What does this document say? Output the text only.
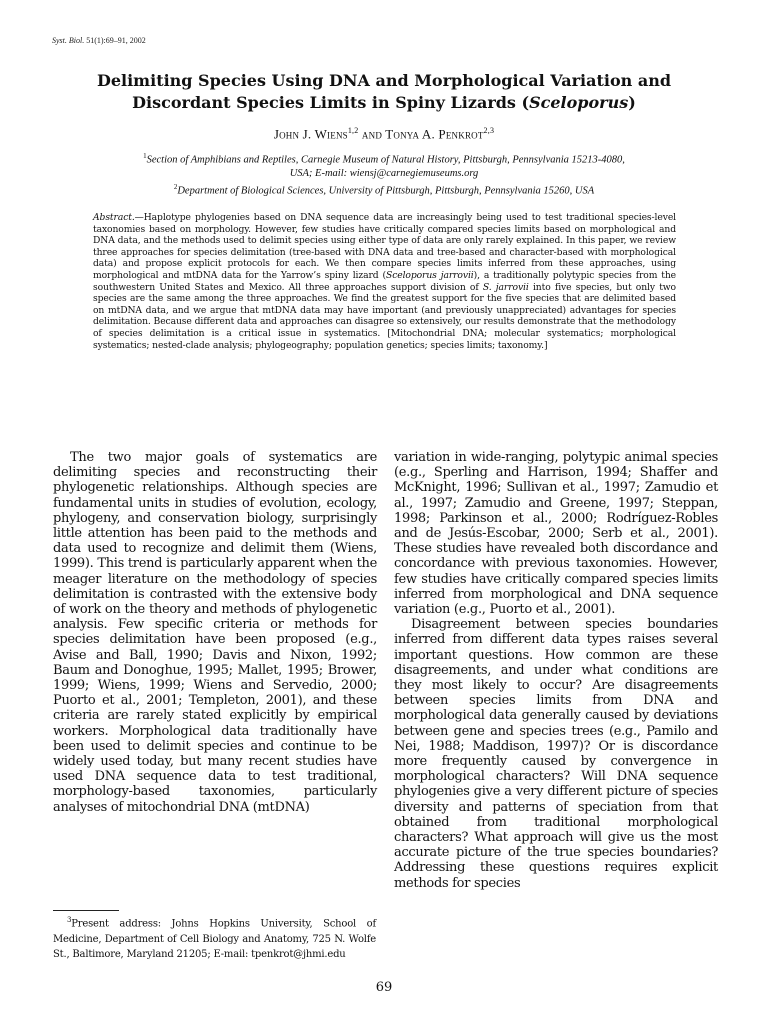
Syst. Biol. 51(1):69–91, 2002
Delimiting Species Using DNA and Morphological Variation and Discordant Species Limits in Spiny Lizards (Sceloporus)
John J. Wiens$^{1,2}$ and Tonya A. Penkrot$^{2,3}$
$^1$Section of Amphibians and Reptiles, Carnegie Museum of Natural History, Pittsburgh, Pennsylvania 15213-4080,
USA; E-mail: wiensj@carnegiemuseums.org
$^2$Department of Biological Sciences, University of Pittsburgh, Pittsburgh, Pennsylvania 15260, USA
Abstract.—Haplotype phylogenies based on DNA sequence data are increasingly being used to test traditional species-level taxonomies based on morphology. However, few studies have critically compared species limits based on morphological and DNA data, and the methods used to delimit species using either type of data are only rarely explained. In this paper, we review three approaches for species delimitation (tree-based with DNA data and tree-based and character-based with morphological data) and propose explicit protocols for each. We then compare species limits inferred from these approaches, using morphological and mtDNA data for the Yarrow’s spiny lizard (Sceloporus jarrovii), a traditionally polytypic species from the southwestern United States and Mexico. All three approaches support division of S. jarrovii into five species, but only two species are the same among the three approaches. We find the greatest support for the five species that are delimited based on mtDNA data, and we argue that mtDNA data may have important (and previously unappreciated) advantages for species delimitation. Because different data and approaches can disagree so extensively, our results demonstrate that the methodology of species delimitation is a critical issue in systematics. [Mitochondrial DNA; molecular systematics; morphological systematics; nested-clade analysis; phylogeography; population genetics; species limits; taxonomy.]

The two major goals of systematics are delimiting species and reconstructing their phylogenetic relationships. Although species are fundamental units in studies of evolution, ecology, phylogeny, and conservation biology, surprisingly little attention has been paid to the methods and data used to recognize and delimit them (Wiens, 1999). This trend is particularly apparent when the meager literature on the methodology of species delimitation is contrasted with the extensive body of work on the theory and methods of phylogenetic analysis. Few specific criteria or methods for species delimitation have been proposed (e.g., Avise and Ball, 1990; Davis and Nixon, 1992; Baum and Donoghue, 1995; Mallet, 1995; Brower, 1999; Wiens, 1999; Wiens and Servedio, 2000; Puorto et al., 2001; Templeton, 2001), and these criteria are rarely stated explicitly by empirical workers. Morphological data traditionally have been used to delimit species and continue to be widely used today, but many recent studies have used DNA sequence data to test traditional, morphology-based taxonomies, particularly analyses of mitochondrial DNA (mtDNA)

variation in wide-ranging, polytypic animal species (e.g., Sperling and Harrison, 1994; Shaffer and McKnight, 1996; Sullivan et al., 1997; Zamudio et al., 1997; Zamudio and Greene, 1997; Steppan, 1998; Parkinson et al., 2000; Rodríguez-Robles and de Jesús-Escobar, 2000; Serb et al., 2001). These studies have revealed both discordance and concordance with previous taxonomies. However, few studies have critically compared species limits inferred from morphological and DNA sequence variation (e.g., Puorto et al., 2001).

Disagreement between species boundaries inferred from different data types raises several important questions. How common are these disagreements, and under what conditions are they most likely to occur? Are disagreements between species limits from DNA and morphological data generally caused by deviations between gene and species trees (e.g., Pamilo and Nei, 1988; Maddison, 1997)? Or is discordance more frequently caused by convergence in morphological characters? Will DNA sequence phylogenies give a very different picture of species diversity and patterns of speciation from that obtained from traditional morphological characters? What approach will give us the most accurate picture of the true species boundaries? Addressing these questions requires explicit methods for species

$^3$Present address: Johns Hopkins University, School of Medicine, Department of Cell Biology and Anatomy, 725 N. Wolfe St., Baltimore, Maryland 21205; E-mail: tpenkrot@jhmi.edu
69
